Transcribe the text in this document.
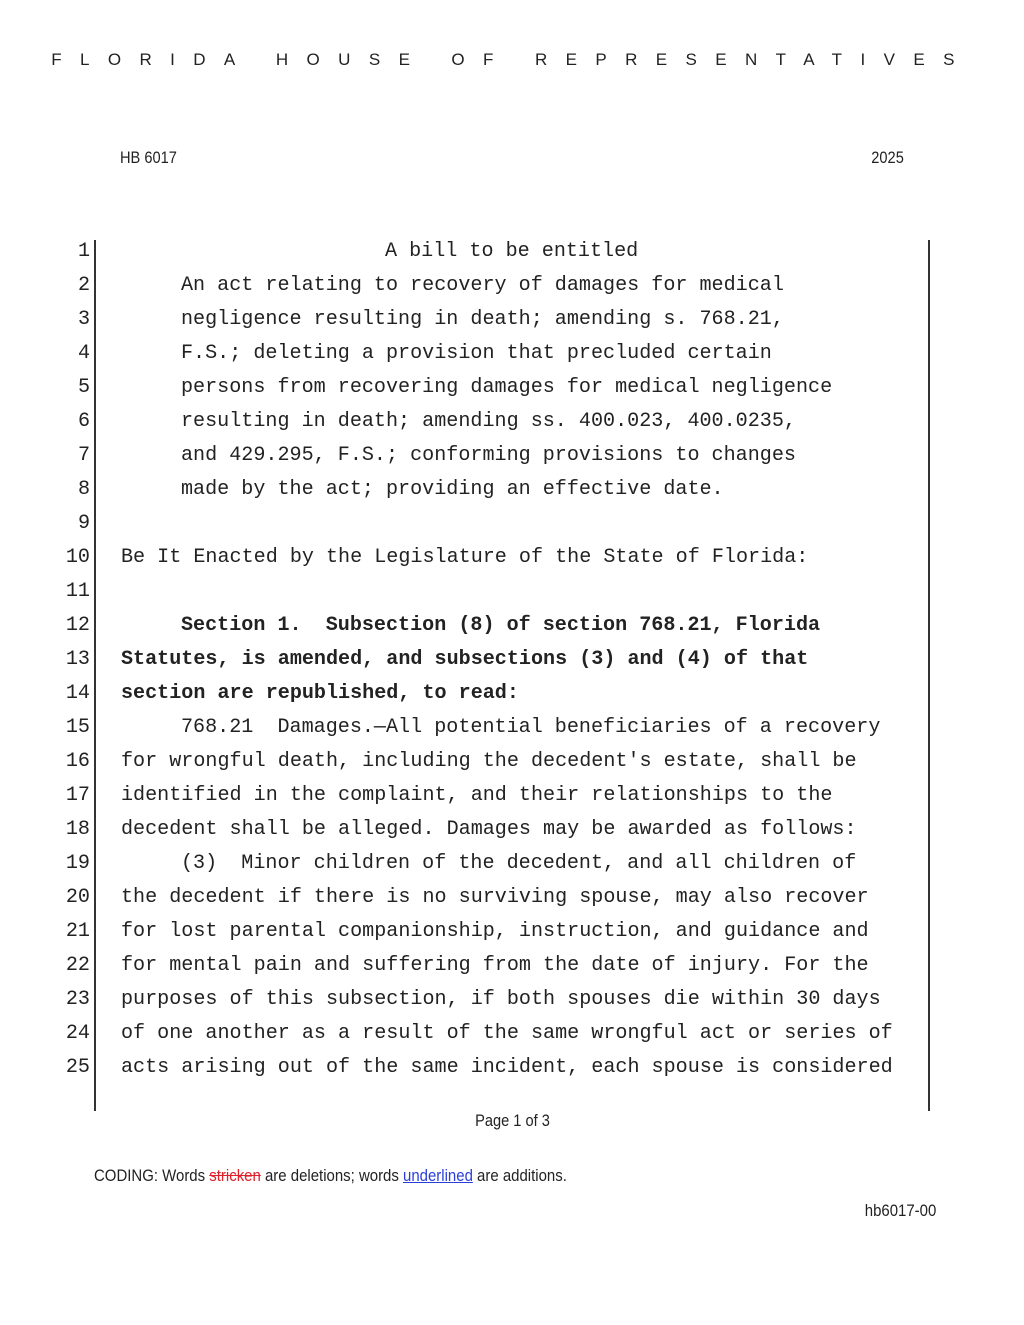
FLORIDA HOUSE OF REPRESENTATIVES
HB 6017	2025
1	A bill to be entitled
2	An act relating to recovery of damages for medical
3	negligence resulting in death; amending s. 768.21,
4	F.S.; deleting a provision that precluded certain
5	persons from recovering damages for medical negligence
6	resulting in death; amending ss. 400.023, 400.0235,
7	and 429.295, F.S.; conforming provisions to changes
8	made by the act; providing an effective date.
9
10 Be It Enacted by the Legislature of the State of Florida:
11
12	Section 1.  Subsection (8) of section 768.21, Florida
13 Statutes, is amended, and subsections (3) and (4) of that
14 section are republished, to read:
15	768.21  Damages.—All potential beneficiaries of a recovery
16 for wrongful death, including the decedent's estate, shall be
17 identified in the complaint, and their relationships to the
18 decedent shall be alleged. Damages may be awarded as follows:
19	(3)  Minor children of the decedent, and all children of
20 the decedent if there is no surviving spouse, may also recover
21 for lost parental companionship, instruction, and guidance and
22 for mental pain and suffering from the date of injury. For the
23 purposes of this subsection, if both spouses die within 30 days
24 of one another as a result of the same wrongful act or series of
25 acts arising out of the same incident, each spouse is considered
Page 1 of 3
CODING: Words stricken are deletions; words underlined are additions.
hb6017-00
